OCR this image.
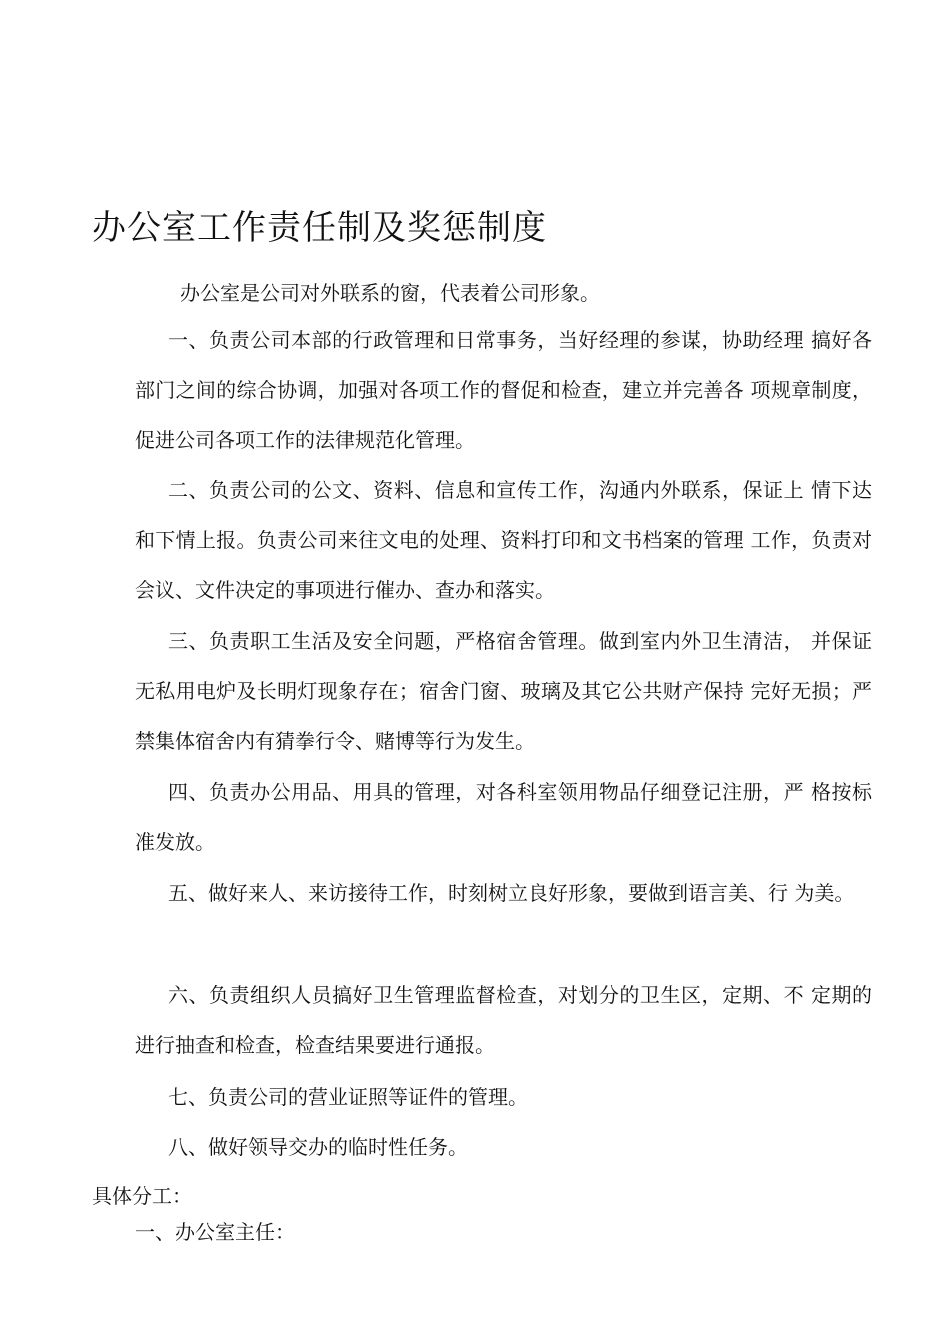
办公室工作责任制及奖惩制度
办公室是公司对外联系的窗，代表着公司形象。
一、负责公司本部的行政管理和日常事务，当好经理的参谋，协助经理 搞好各部门之间的综合协调，加强对各项工作的督促和检查，建立并完善各 项规章制度，促进公司各项工作的法律规范化管理。
二、负责公司的公文、资料、信息和宣传工作，沟通内外联系，保证上 情下达和下情上报。负责公司来往文电的处理、资料打印和文书档案的管理 工作，负责对会议、文件决定的事项进行催办、查办和落实。
三、负责职工生活及安全问题，严格宿舍管理。做到室内外卫生清洁， 并保证无私用电炉及长明灯现象存在；宿舍门窗、玻璃及其它公共财产保持 完好无损；严禁集体宿舍内有猜拳行令、赌博等行为发生。
四、负责办公用品、用具的管理，对各科室领用物品仔细登记注册，严 格按标准发放。
五、做好来人、来访接待工作，时刻树立良好形象，要做到语言美、行 为美。
六、负责组织人员搞好卫生管理监督检查，对划分的卫生区，定期、不 定期的进行抽查和检查，检查结果要进行通报。
七、负责公司的营业证照等证件的管理。
八、做好领导交办的临时性任务。
具体分工：
一、办公室主任：
